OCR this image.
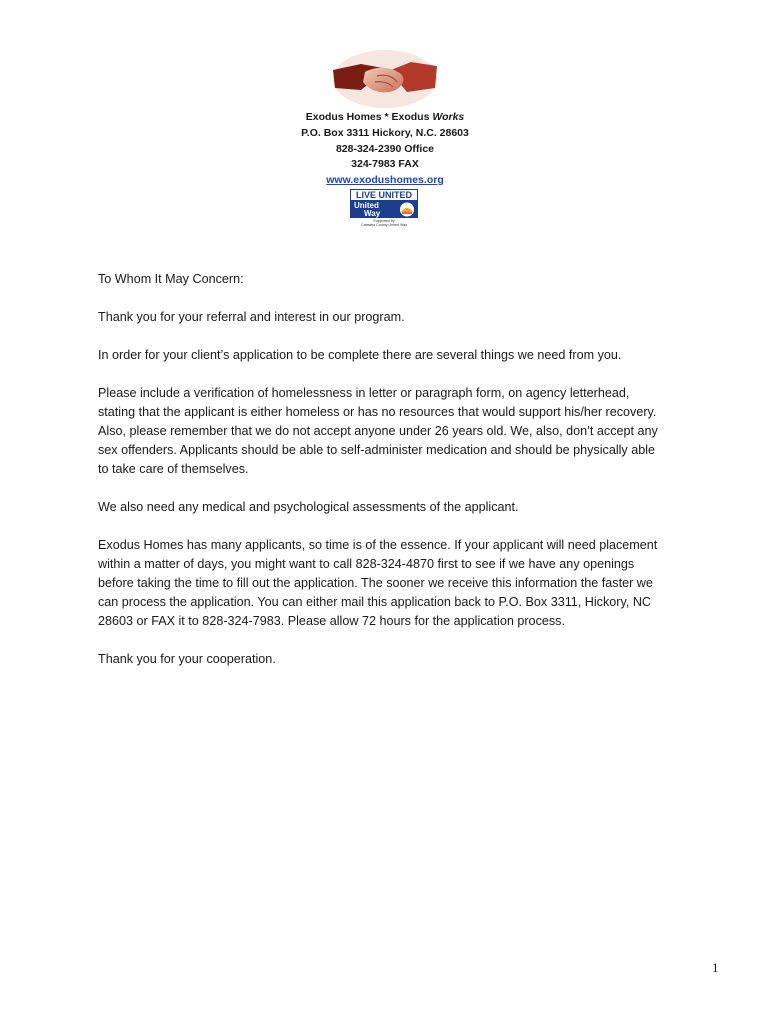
Exodus Homes * Exodus Works
P.O. Box 3311 Hickory, N.C. 28603
828-324-2390 Office
324-7983 FAX
www.exodushomes.org
LIVE UNITED
United
Way
Supported by
Catawba County United Way
To Whom It May Concern:
Thank you for your referral and interest in our program.
In order for your client’s application to be complete there are several things we need from you.
Please include a verification of homelessness in letter or paragraph form, on agency letterhead,
stating that the applicant is either homeless or has no resources that would support his/her recovery.
Also, please remember that we do not accept anyone under 26 years old. We, also, don’t accept any
sex offenders. Applicants should be able to self-administer medication and should be physically able
to take care of themselves.
We also need any medical and psychological assessments of the applicant.
Exodus Homes has many applicants, so time is of the essence. If your applicant will need placement
within a matter of days, you might want to call 828-324-4870 first to see if we have any openings
before taking the time to fill out the application. The sooner we receive this information the faster we
can process the application. You can either mail this application back to P.O. Box 3311, Hickory, NC
28603 or FAX it to 828-324-7983. Please allow 72 hours for the application process.
Thank you for your cooperation.
1
